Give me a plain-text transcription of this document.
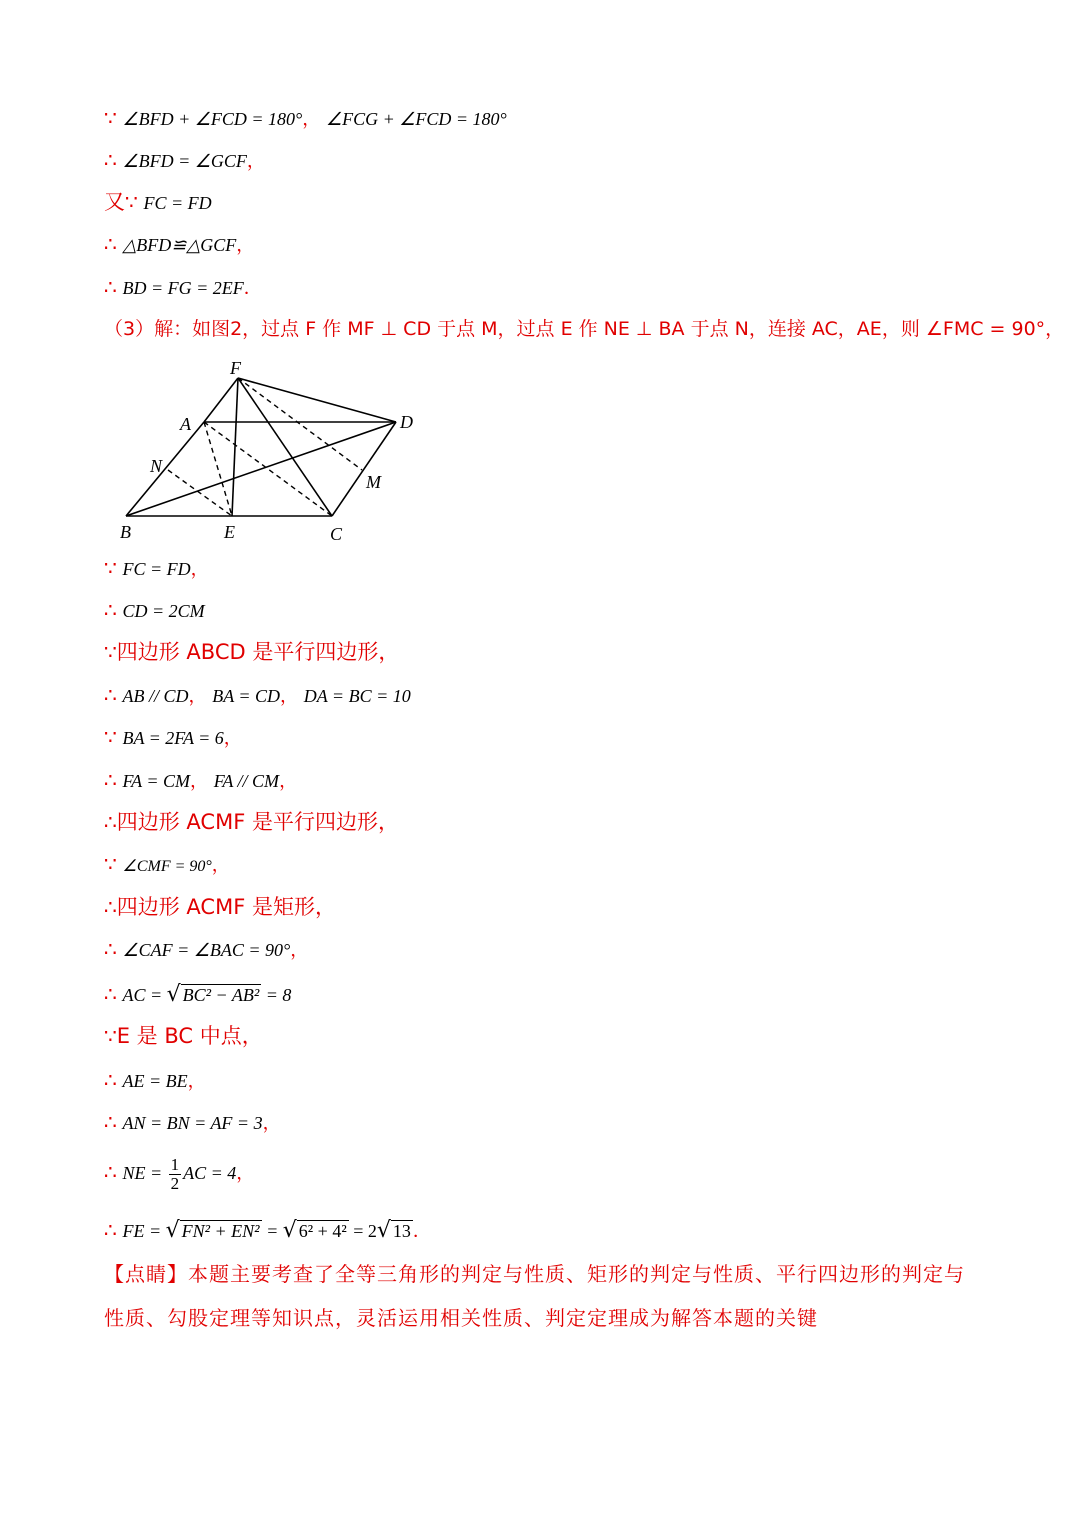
∵ ∠BFD + ∠FCD = 180°， ∠FCG + ∠FCD = 180°
∴ ∠BFD = ∠GCF，
又∵ FC = FD
∴ △BFD≌△GCF，
∴ BD = FG = 2EF．
（3）解：如图2，过点 F 作 MF ⊥ CD 于点 M，过点 E 作 NE ⊥ BA 于点 N，连接 AC，AE，则 ∠FMC = 90°，
F
A	D
N
M
B	E	C
∵ FC = FD，
∴ CD = 2CM
∵四边形 ABCD 是平行四边形，
∴ AB // CD， BA = CD， DA = BC = 10
∵ BA = 2FA = 6，
∴ FA = CM， FA // CM，
∴四边形 ACMF 是平行四边形，
∵ ∠CMF = 90°，
∴四边形 ACMF 是矩形，
∴ ∠CAF = ∠BAC = 90°，
∴ AC = √ BC² − AB² = 8
∵E 是 BC 中点，
∴ AE = BE，
∴ AN = BN = AF = 3，
∴ NE = $\frac{1}{2}$ AC = 4，
∴ FE = √ FN² + EN² = √ 6² + 4² = 2√ 13 ．
【点睛】本题主要考查了全等三角形的判定与性质、矩形的判定与性质、平行四边形的判定与性质、勾股定理等知识点，灵活运用相关性质、判定定理成为解答本题的关键
